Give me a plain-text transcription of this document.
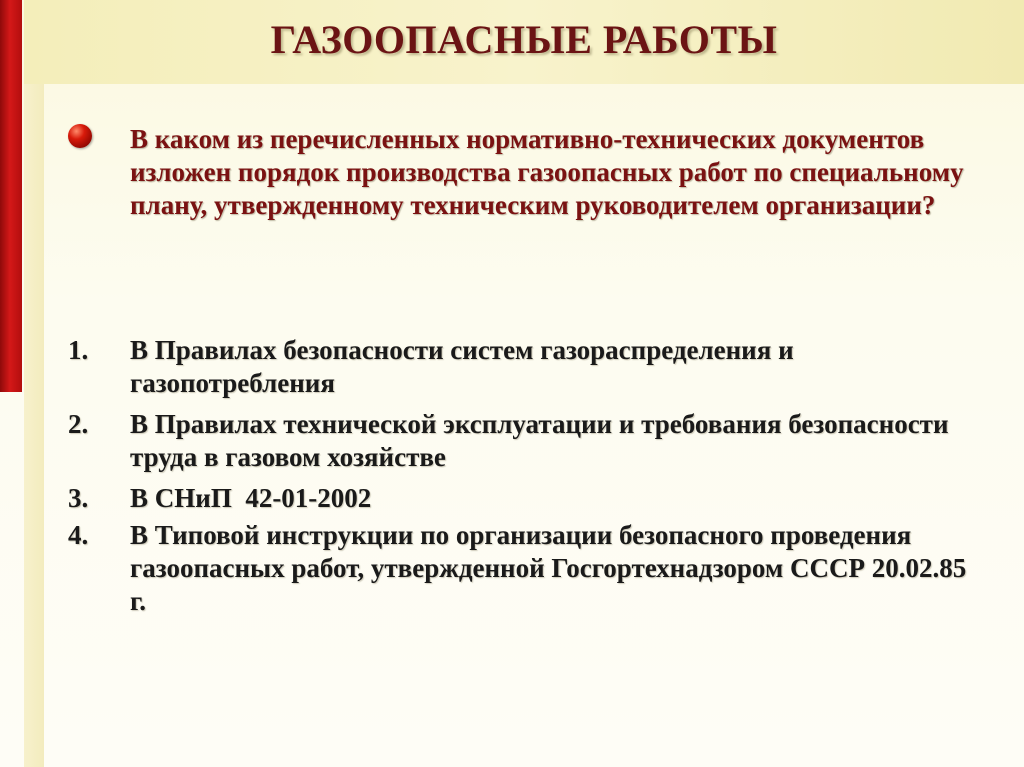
ГАЗООПАСНЫЕ РАБОТЫ

В каком из перечисленных нормативно-технических документов изложен порядок производства газоопасных работ по специальному плану, утвержденному техническим руководителем организации?

1.	В Правилах безопасности систем газораспределения и газопотребления
2.	В Правилах технической эксплуатации и требования безопасности труда в газовом хозяйстве
3.	В СНиП  42-01-2002
4.	В Типовой инструкции по организации безопасного проведения газоопасных работ, утвержденной Госгортехнадзором СССР 20.02.85 г.
